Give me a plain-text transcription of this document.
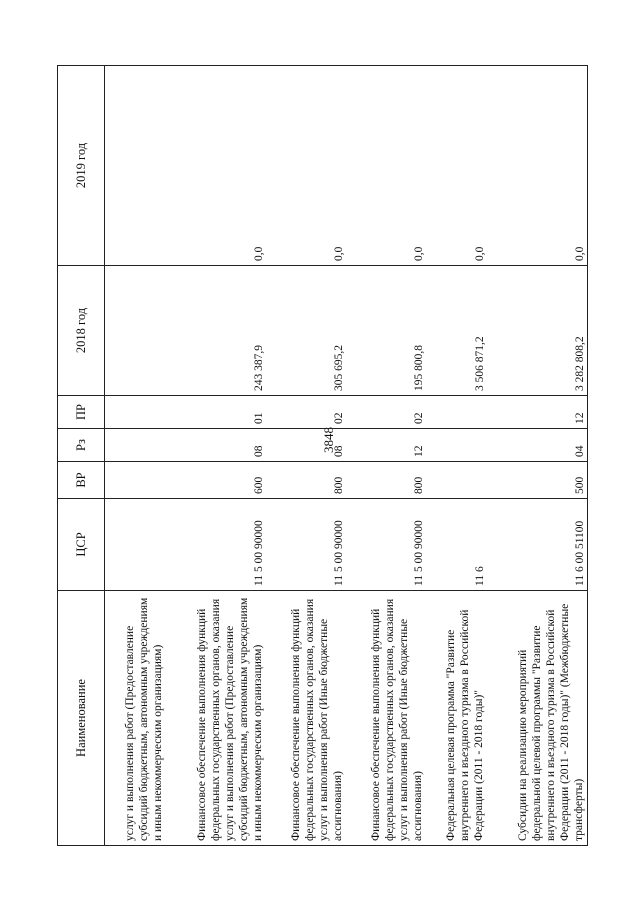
3848
Наименование	ЦСР	ВР	Рз	ПР	2018 год	2019 год
услуг и выполнения работ (Предоставление субсидий бюджетным, автономным учреждениям и иным некоммерческим организациям)						
Финансовое обеспечение выполнения функций федеральных государственных органов, оказания услуг и выполнения работ (Предоставление субсидий бюджетным, автономным учреждениям и иным некоммерческим организациям)	11 5 00 90000	600	08	01	243 387,9	0,0
Финансовое обеспечение выполнения функций федеральных государственных органов, оказания услуг и выполнения работ (Иные бюджетные ассигнования)	11 5 00 90000	800	08	02	305 695,2	0,0
Финансовое обеспечение выполнения функций федеральных государственных органов, оказания услуг и выполнения работ (Иные бюджетные ассигнования)	11 5 00 90000	800	12	02	195 800,8	0,0
Федеральная целевая программа "Развитие внутреннего и въездного туризма в Российской Федерации (2011 - 2018 годы)"	11 6				3 506 871,2	0,0
Субсидии на реализацию мероприятий федеральной целевой программы "Развитие внутреннего и въездного туризма в Российской Федерации (2011 - 2018 годы)" (Межбюджетные трансферты)	11 6 00 51100	500	04	12	3 282 808,2	0,0
